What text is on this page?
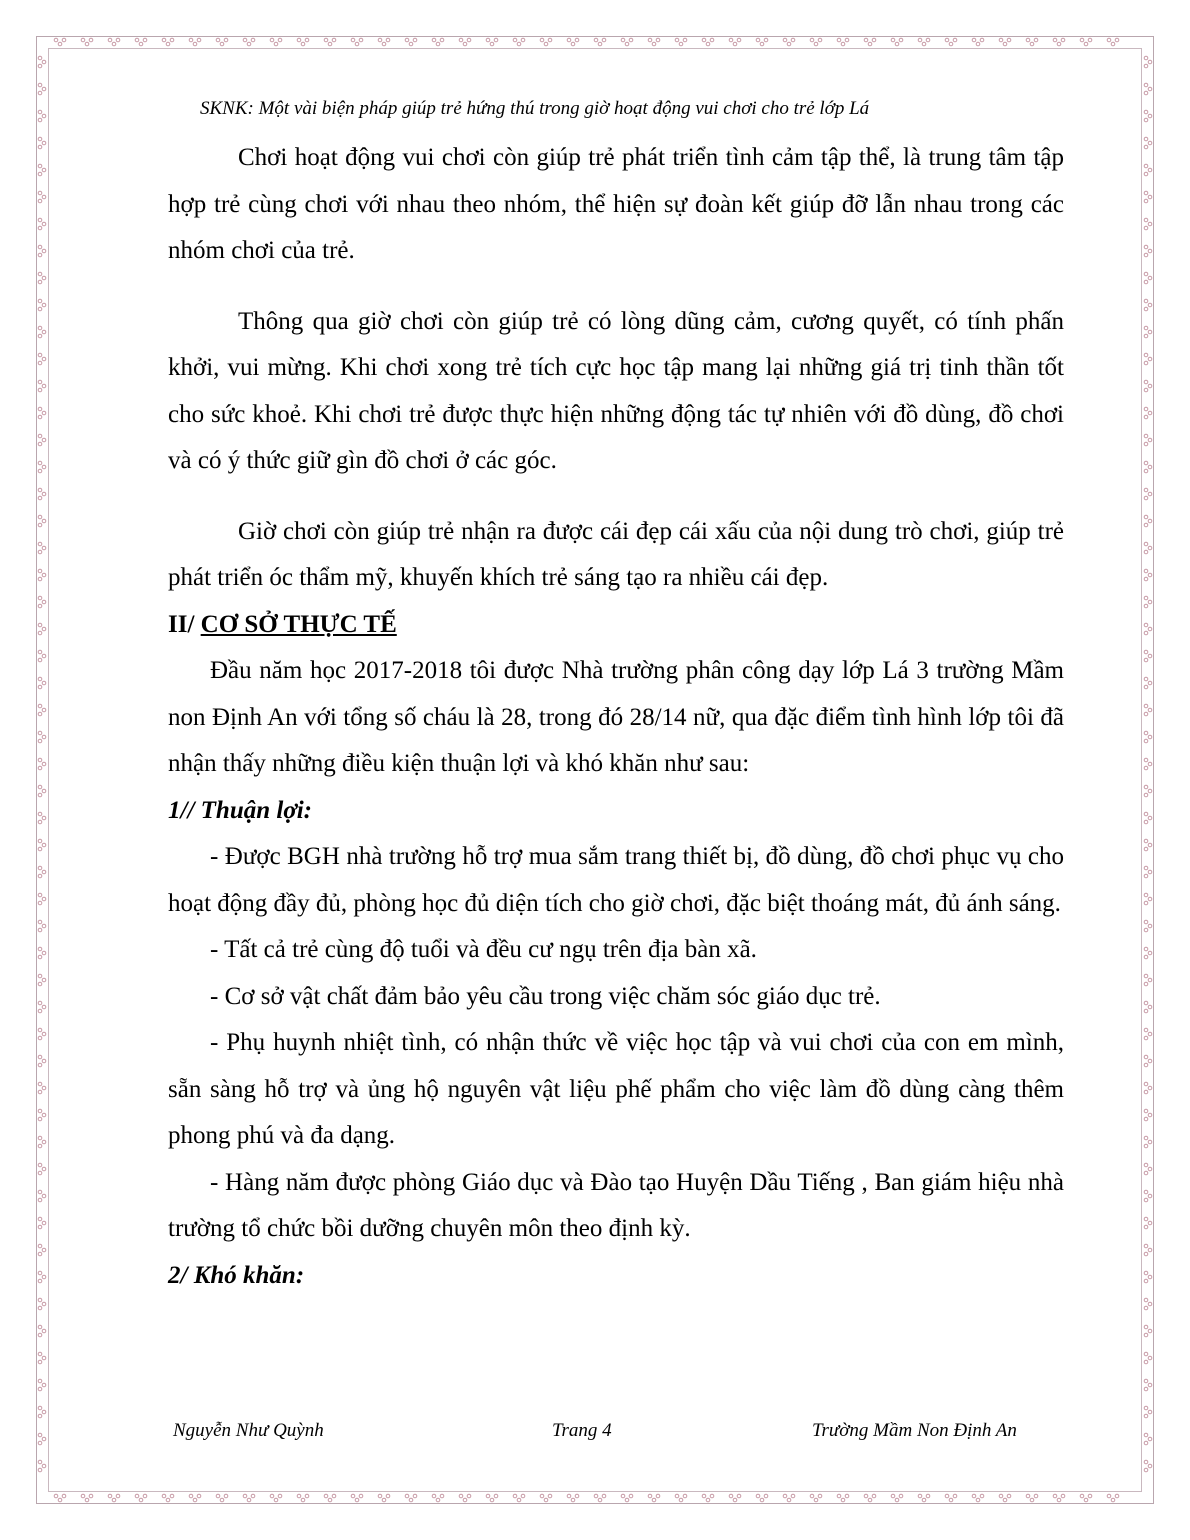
SKNK: Một vài biện pháp giúp trẻ hứng thú trong giờ hoạt động vui chơi cho trẻ lớp Lá

Chơi hoạt động vui chơi còn giúp trẻ phát triển tình cảm tập thể, là trung tâm tập hợp trẻ cùng chơi với nhau theo nhóm, thể hiện sự đoàn kết giúp đỡ lẫn nhau trong các nhóm chơi của trẻ.

Thông qua giờ chơi còn giúp trẻ có lòng dũng cảm, cương quyết, có tính phấn khởi, vui mừng. Khi chơi xong trẻ tích cực học tập mang lại những giá trị tinh thần tốt cho sức khoẻ. Khi chơi trẻ được thực hiện những động tác tự nhiên với đồ dùng, đồ chơi và có ý thức giữ gìn đồ chơi ở các góc.

Giờ chơi còn giúp trẻ nhận ra được cái đẹp cái xấu của nội dung trò chơi, giúp trẻ phát triển óc thẩm mỹ, khuyến khích trẻ sáng tạo ra nhiều cái đẹp.

II/ CƠ SỞ THỰC TẾ

Đầu năm học 2017-2018 tôi được Nhà trường phân công dạy lớp Lá 3 trường Mầm non Định An với tổng số cháu là 28, trong đó 28/14 nữ, qua đặc điểm tình hình lớp tôi đã nhận thấy những điều kiện thuận lợi và khó khăn như sau:

1// Thuận lợi:

- Được BGH nhà trường hỗ trợ mua sắm trang thiết bị, đồ dùng, đồ chơi phục vụ cho hoạt động đầy đủ, phòng học đủ diện tích cho giờ chơi, đặc biệt thoáng mát, đủ ánh sáng.

- Tất cả trẻ cùng độ tuổi và đều cư ngụ trên địa bàn xã.

- Cơ sở vật chất đảm bảo yêu cầu trong việc chăm sóc giáo dục trẻ.

- Phụ huynh nhiệt tình, có nhận thức về việc học tập và vui chơi của con em mình, sẵn sàng hỗ trợ và ủng hộ nguyên vật liệu phế phẩm cho việc làm đồ dùng càng thêm phong phú và đa dạng.

- Hàng năm được phòng Giáo dục và Đào tạo Huyện Dầu Tiếng , Ban giám hiệu nhà trường tổ chức bồi dưỡng chuyên môn theo định kỳ.

2/ Khó khăn:

Nguyễn Như Quỳnh	Trang 4	Trường Mầm Non Định An
